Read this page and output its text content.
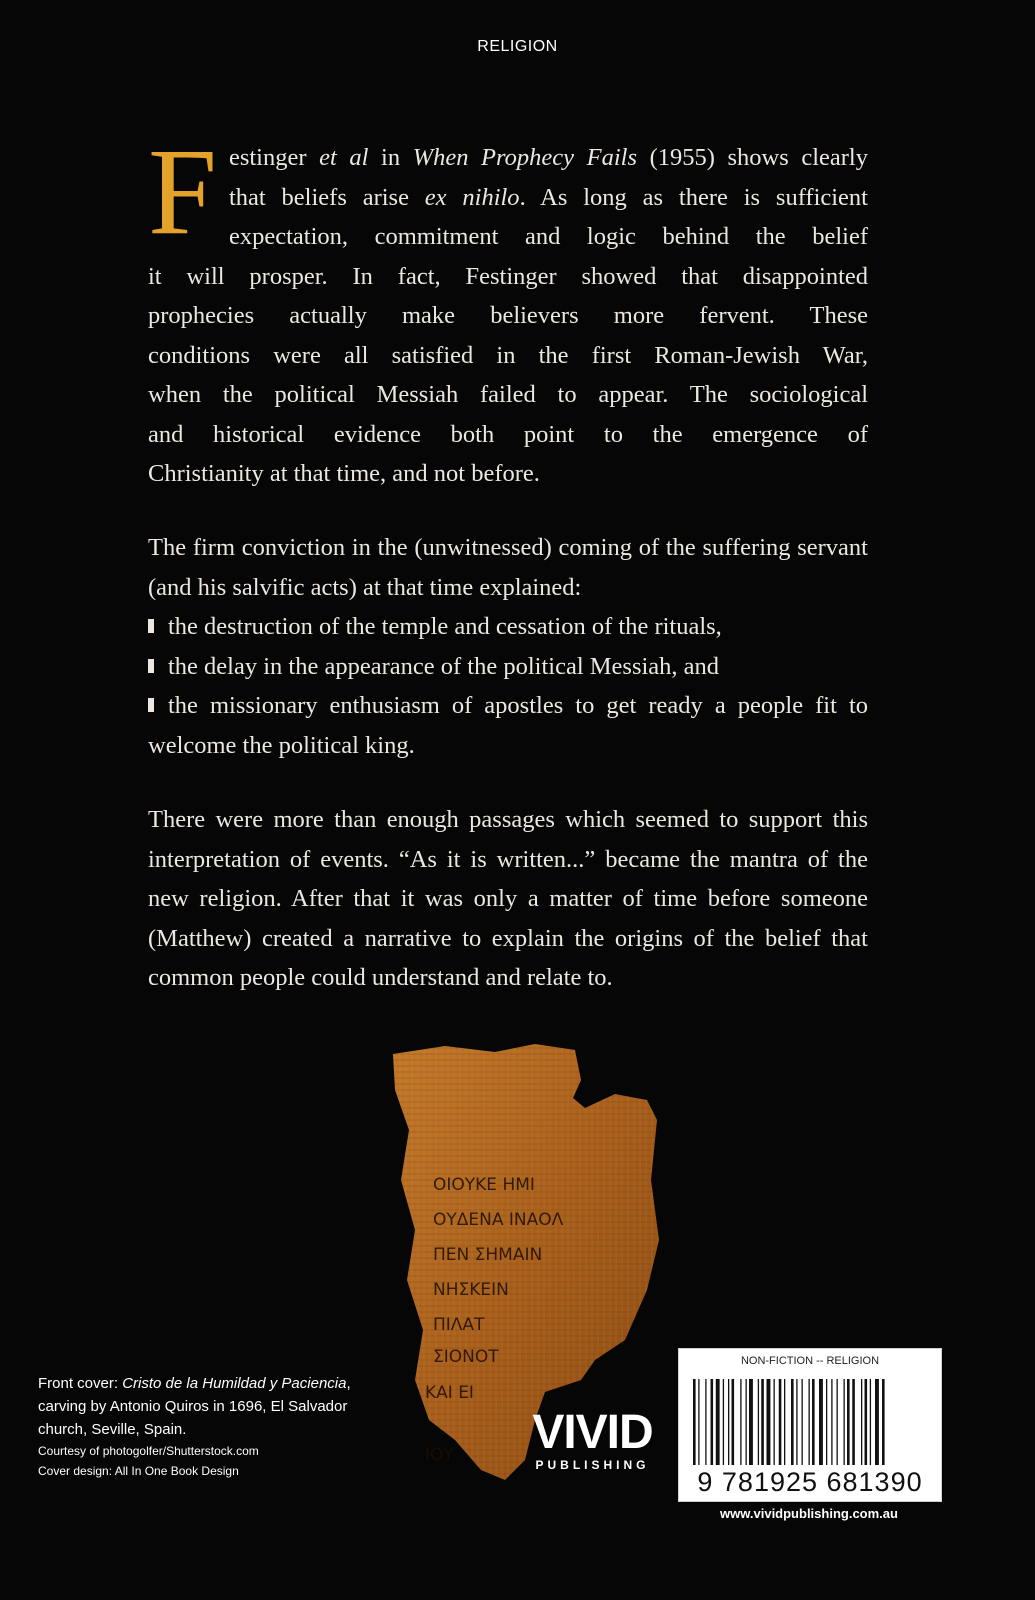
RELIGION
F estinger et al in When Prophecy Fails (1955) shows clearly
that beliefs arise ex nihilo. As long as there is sufficient
expectation, commitment and logic behind the belief
it will prosper. In fact, Festinger showed that disappointed
prophecies actually make believers more fervent. These
conditions were all satisfied in the first Roman-Jewish War,
when the political Messiah failed to appear. The sociological
and historical evidence both point to the emergence of
Christianity at that time, and not before.
The firm conviction in the (unwitnessed) coming of the suffering servant (and his salvific acts) at that time explained:
the destruction of the temple and cessation of the rituals,
the delay in the appearance of the political Messiah, and
the missionary enthusiasm of apostles to get ready a people fit to welcome the political king.
There were more than enough passages which seemed to support this interpretation of events. “As it is written...” became the mantra of the new religion. After that it was only a matter of time before someone (Matthew) created a narrative to explain the origins of the belief that common people could understand and relate to.
ΟΙΟΥΚΕ ΗΜΙ
ΟΥΔΕΝΑ ΙΝΑΟΛ
ΠΕΝ ΣΗΜΑΙΝ
ΝΗΣΚΕΙΝ
ΠΙΛΑΤ
ΣΙΟΝΟΤ
ΚΑΙ ΕΙ
ΙΟΥ VIVID
PUBLISHING
Front cover: Cristo de la Humildad y Paciencia, carving by Antonio Quiros in 1696, El Salvador church, Seville, Spain.
Courtesy of photogolfer/Shutterstock.com
Cover design: All In One Book Design
NON-FICTION -- RELIGION
9 781925 681390
www.vividpublishing.com.au
